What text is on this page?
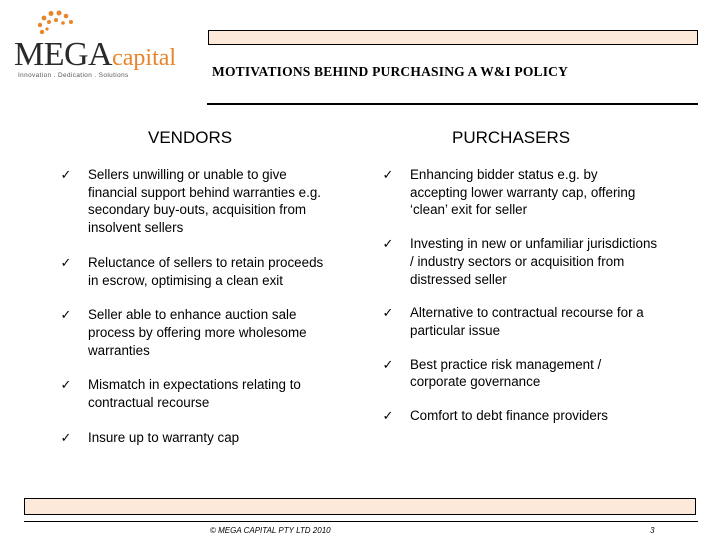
MEGAcapital
Innovation . Dedication . Solutions	MOTIVATIONS BEHIND PURCHASING A W&I POLICY
VENDORS	PURCHASERS
✓ Sellers unwilling or unable to give financial support behind warranties e.g. secondary buy-outs, acquisition from insolvent sellers
✓ Reluctance of sellers to retain proceeds in escrow, optimising a clean exit
✓ Seller able to enhance auction sale process by offering more wholesome warranties
✓ Mismatch in expectations relating to contractual recourse
✓ Insure up to warranty cap
✓ Enhancing bidder status e.g. by accepting lower warranty cap, offering ‘clean’ exit for seller
✓ Investing in new or unfamiliar jurisdictions / industry sectors or acquisition from distressed seller
✓ Alternative to contractual recourse for a particular issue
✓ Best practice risk management / corporate governance
✓ Comfort to debt finance providers
© MEGA CAPITAL PTY LTD 2010	3
